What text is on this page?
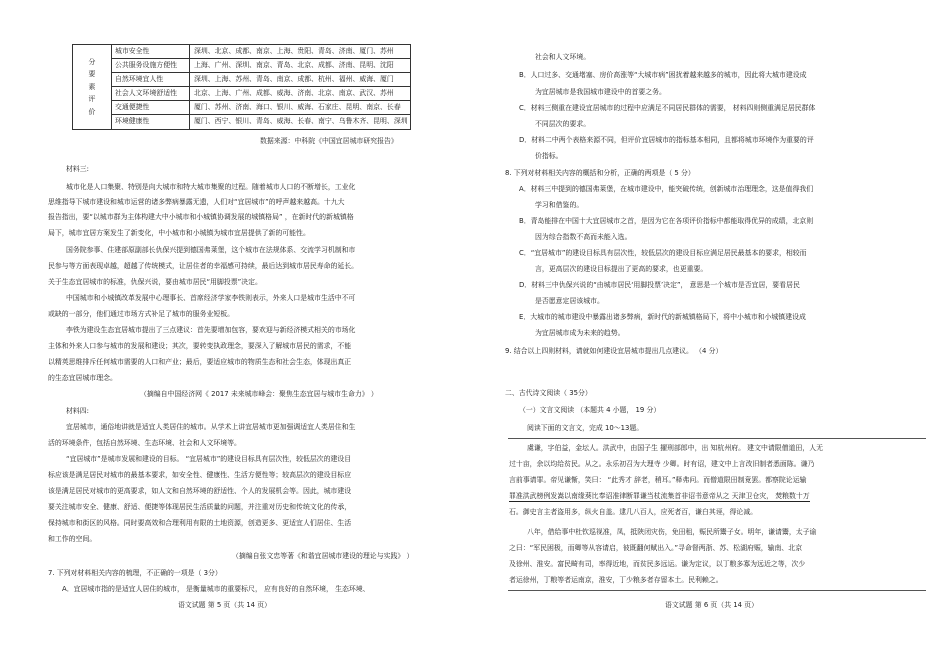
分
要
素
评
价
城市安全性	深圳、北京、成都、南京、上海、贵阳、青岛、济南、厦门、苏州
公共服务设施方便性	上海、广州、深圳、南京、青岛、北京、成都、济南、昆明、沈阳
自然环境宜人性	深圳、上海、苏州、青岛、南京、成都、杭州、福州、威海、厦门
社会人文环境舒适性	北京、上海、广州、成都、威海、济南、北京、南京、武汉、苏州
交通便捷性	厦门、苏州、济南、海口、银川、威海、石家庄、昆明、南京、长春
环境健康性	厦门、西宁、银川、青岛、威海、长春、南宁、乌鲁木齐、昆明、深圳
数据来源：中科院《中国宜居城市研究报告》
材料三:
城市化是人口集聚、特别是向大城市和特大城市集聚的过程。随着城市人口的不断增长，工业化
思维指导下城市建设和城市运营的诸多弊病暴露无遗，人们对“宜居城市”的呼声越来越高。十九大
报告指出，要“以城市群为主体构建大中小城市和小城镇协调发展的城镇格局” ，在新时代的新城镇格
局下，城市宜居方案发生了新变化，中小城市和小城镇为城市宜居提供了新的可能性。
国务院参事、住建部原副部长仇保兴提到德国弗莱堡，这个城市在法规体系、交流学习机制和市
民参与等方面表现卓越，超越了传统模式，让居住者的幸福感可持续，最后达到城市居民寿命的延长。
关于生态宜居城市的标准，仇保兴说，要由城市居民“用脚投票”决定。
中国城市和小城镇改革发展中心理事长、首席经济学家李铁则表示，外来人口是城市生活中不可
或缺的一部分，他们通过市场方式补足了城市的服务业短板。
李铁为建设生态宜居城市提出了三点建议：首先要增加包容，要欢迎与新经济模式相关的市场化
主体和外来人口参与城市的发展和建设；其次，要转变执政理念，要深入了解城市居民的需求，不能
以精英思维排斥任何城市需要的人口和产业；最后，要适应城市的物质生态和社会生态，体现出真正
的生态宜居城市理念。
（摘编自中国经济网《 2017 未来城市峰会：聚焦生态宜居与城市生命力》 ）
材料四:
宜居城市，通俗地讲就是适宜人类居住的城市。从学术上讲宜居城市更加强调适宜人类居住和生
活的环境条件，包括自然环境、生态环境、社会和人文环境等。
“宜居城市”是城市发展和建设的目标。 “宜居城市”的建设目标具有层次性，较低层次的建设目
标应该是满足居民对城市的最基本要求，如安全性、健康性、生活方便性等；较高层次的建设目标应
该是满足居民对城市的更高要求，如人文和自然环境的舒适性、个人的发展机会等。因此，城市建设
要关注城市安全、健康、舒适、便捷等体现居民生活质量的问题，并注重对历史和传统文化的传承，
保持城市和街区的风格。同时要高效和合理利用有限的土地资源，创造更多、更适宜人们居住、生活
和工作的空间。
（摘编自张文忠等著《和谐宜居城市建设的理论与实践》 ）
7. 下列对材料相关内容的梳理，不正确的一项是（ 3分）
A．宜居城市指的是适宜人居住的城市， 是衡量城市的重要标尺， 应有良好的自然环境， 生态环境、
语文试题 第 5 页（共 14 页）
社会和人文环境。
B．人口过多、交通堵塞、房价高涨等“大城市病”困扰着越来越多的城市，因此将大城市建设成
为宜居城市是我国城市建设中的首要之务。
C．材料三侧重在建设宜居城市的过程中应满足不同居民群体的需要， 材料四则侧重满足居民群体
不同层次的要求。
D．材料二中两个表格来源不同，但评价宜居城市的指标基本相同，且都将城市环境作为重要的评
价指标。
8. 下列对材料相关内容的概括和分析，正确的两项是（ 5 分）
A．材料三中提到的德国弗莱堡，在城市建设中，能突破传统，创新城市治理理念，这是值得我们
学习和借鉴的。
B．青岛能排在中国十大宜居城市之首，是因为它在各项评价指标中都能取得优异的成绩，北京则
因为综合指数不高而未能入选。
C．“宜居城市”的建设目标具有层次性，较低层次的建设目标应满足居民最基本的要求，相较而
言，更高层次的建设目标提出了更高的要求，也更重要。
D．材料三中仇保兴说的“由城市居民‘用脚投票’决定”， 意思是一个城市是否宜居，要看居民
是否愿意定居该城市。
E．大城市的城市建设中暴露出诸多弊病，新时代的新城镇格局下，将中小城市和小城镇建设成
为宜居城市成为未来的趋势。
9. 结合以上四则材料，请就如何建设宜居城市提出几点建议。 （4 分）
二、古代诗文阅读（ 35分）
（一）文言文阅读 （本题共 4 小题， 19 分）
阅读下面的文言文，完成 10～13题。
虞谦，字伯益，金坛人。洪武中，由国子生 擢刑部郎中，出 知杭州府。 建文中请限僧道田，人无
过十亩，余以均给贫民。从之。永乐初召为大理寺 少卿。时有诏，建文中上言改旧制者悉面陈。谦乃
言前事请罪。帝见谦惭，笑曰： “此秀才 辞老，稍耳。”释弗问。而僧道限田制竟罢。都察院论运输
罪准洪武榜例发嵩以南缘葵比奉诏准律断罪谦当杖流集首非诏书意帝从之 天津卫仓灾， 焚粮数十万
石。御史言主者盗用多，纵火自盖。逮几八百人，应死者百，谦白其诬，得论减。
八年，借给事中杜钦巡视准，凤，抵陕闭灾伤，免田租，赈民所鬻子女。明年，谦请鬻，太子谕
之曰：“军民困极，而卿等从容请启，彼既翻何赋出入。”寻命督两浙、苏、松湖府赈，输南、北京
及徐州、淮安。富民畸有司，率得近地，而贫民多远运。谦为定议，以丁粮多寡为远近之等，次少
者运徐州，丁粮等者运南京，淮安，丁少粮多者存留本土。民利赖之。
语文试题 第 6 页（共 14 页）
